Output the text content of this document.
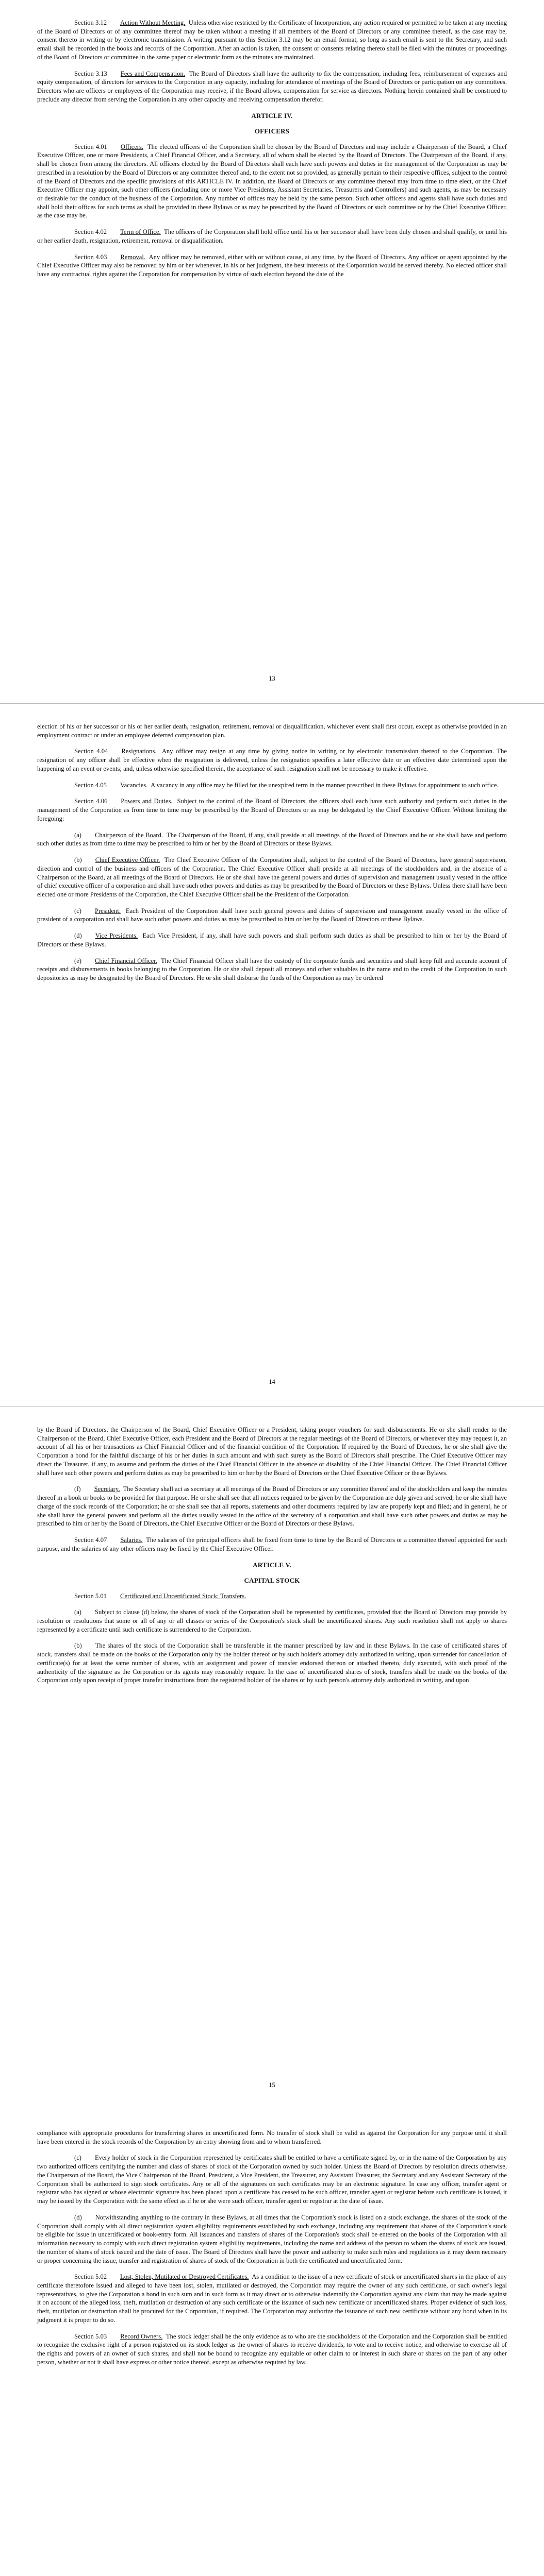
Section 3.12 Action Without Meeting. Unless otherwise restricted by the Certificate of Incorporation, any action required or permitted to be taken at any meeting of the Board of Directors or of any committee thereof may be taken without a meeting if all members of the Board of Directors or any committee thereof, as the case may be, consent thereto in writing or by electronic transmission. A writing pursuant to this Section 3.12 may be an email format, so long as such email is sent to the Secretary, and such email shall be recorded in the books and records of the Corporation. After an action is taken, the consent or consents relating thereto shall be filed with the minutes or proceedings of the Board of Directors or committee in the same paper or electronic form as the minutes are maintained.

Section 3.13 Fees and Compensation. The Board of Directors shall have the authority to fix the compensation, including fees, reimbursement of expenses and equity compensation, of directors for services to the Corporation in any capacity, including for attendance of meetings of the Board of Directors or participation on any committees. Directors who are officers or employees of the Corporation may receive, if the Board allows, compensation for service as directors. Nothing herein contained shall be construed to preclude any director from serving the Corporation in any other capacity and receiving compensation therefor.

ARTICLE IV.
OFFICERS

Section 4.01 Officers. The elected officers of the Corporation shall be chosen by the Board of Directors and may include a Chairperson of the Board, a Chief Executive Officer, one or more Presidents, a Chief Financial Officer, and a Secretary, all of whom shall be elected by the Board of Directors. The Chairperson of the Board, if any, shall be chosen from among the directors. All officers elected by the Board of Directors shall each have such powers and duties in the management of the Corporation as may be prescribed in a resolution by the Board of Directors or any committee thereof and, to the extent not so provided, as generally pertain to their respective offices, subject to the control of the Board of Directors and the specific provisions of this ARTICLE IV. In addition, the Board of Directors or any committee thereof may from time to time elect, or the Chief Executive Officer may appoint, such other officers (including one or more Vice Presidents, Assistant Secretaries, Treasurers and Controllers) and such agents, as may be necessary or desirable for the conduct of the business of the Corporation. Any number of offices may be held by the same person. Such other officers and agents shall have such duties and shall hold their offices for such terms as shall be provided in these Bylaws or as may be prescribed by the Board of Directors or such committee or by the Chief Executive Officer, as the case may be.

Section 4.02 Term of Office. The officers of the Corporation shall hold office until his or her successor shall have been duly chosen and shall qualify, or until his or her earlier death, resignation, retirement, removal or disqualification.

Section 4.03 Removal. Any officer may be removed, either with or without cause, at any time, by the Board of Directors. Any officer or agent appointed by the Chief Executive Officer may also be removed by him or her whenever, in his or her judgment, the best interests of the Corporation would be served thereby. No elected officer shall have any contractual rights against the Corporation for compensation by virtue of such election beyond the date of the

13

election of his or her successor or his or her earlier death, resignation, retirement, removal or disqualification, whichever event shall first occur, except as otherwise provided in an employment contract or under an employee deferred compensation plan.

Section 4.04 Resignations. Any officer may resign at any time by giving notice in writing or by electronic transmission thereof to the Corporation. The resignation of any officer shall be effective when the resignation is delivered, unless the resignation specifies a later effective date or an effective date determined upon the happening of an event or events; and, unless otherwise specified therein, the acceptance of such resignation shall not be necessary to make it effective.

Section 4.05 Vacancies. A vacancy in any office may be filled for the unexpired term in the manner prescribed in these Bylaws for appointment to such office.

Section 4.06 Powers and Duties. Subject to the control of the Board of Directors, the officers shall each have such authority and perform such duties in the management of the Corporation as from time to time may be prescribed by the Board of Directors or as may be delegated by the Chief Executive Officer. Without limiting the foregoing:

(a) Chairperson of the Board. The Chairperson of the Board, if any, shall preside at all meetings of the Board of Directors and he or she shall have and perform such other duties as from time to time may be prescribed to him or her by the Board of Directors or these Bylaws.

(b) Chief Executive Officer. The Chief Executive Officer of the Corporation shall, subject to the control of the Board of Directors, have general supervision, direction and control of the business and officers of the Corporation. The Chief Executive Officer shall preside at all meetings of the stockholders and, in the absence of a Chairperson of the Board, at all meetings of the Board of Directors. He or she shall have the general powers and duties of supervision and management usually vested in the office of chief executive officer of a corporation and shall have such other powers and duties as may be prescribed by the Board of Directors or these Bylaws. Unless there shall have been elected one or more Presidents of the Corporation, the Chief Executive Officer shall be the President of the Corporation.

(c) President. Each President of the Corporation shall have such general powers and duties of supervision and management usually vested in the office of president of a corporation and shall have such other powers and duties as may be prescribed to him or her by the Board of Directors or these Bylaws.

(d) Vice Presidents. Each Vice President, if any, shall have such powers and shall perform such duties as shall be prescribed to him or her by the Board of Directors or these Bylaws.

(e) Chief Financial Officer. The Chief Financial Officer shall have the custody of the corporate funds and securities and shall keep full and accurate account of receipts and disbursements in books belonging to the Corporation. He or she shall deposit all moneys and other valuables in the name and to the credit of the Corporation in such depositories as may be designated by the Board of Directors. He or she shall disburse the funds of the Corporation as may be ordered

14

by the Board of Directors, the Chairperson of the Board, Chief Executive Officer or a President, taking proper vouchers for such disbursements. He or she shall render to the Chairperson of the Board, Chief Executive Officer, each President and the Board of Directors at the regular meetings of the Board of Directors, or whenever they may request it, an account of all his or her transactions as Chief Financial Officer and of the financial condition of the Corporation. If required by the Board of Directors, he or she shall give the Corporation a bond for the faithful discharge of his or her duties in such amount and with such surety as the Board of Directors shall prescribe. The Chief Executive Officer may direct the Treasurer, if any, to assume and perform the duties of the Chief Financial Officer in the absence or disability of the Chief Financial Officer. The Chief Financial Officer shall have such other powers and perform duties as may be prescribed to him or her by the Board of Directors or the Chief Executive Officer or these Bylaws.

(f) Secretary. The Secretary shall act as secretary at all meetings of the Board of Directors or any committee thereof and of the stockholders and keep the minutes thereof in a book or books to be provided for that purpose. He or she shall see that all notices required to be given by the Corporation are duly given and served; he or she shall have charge of the stock records of the Corporation; he or she shall see that all reports, statements and other documents required by law are properly kept and filed; and in general, he or she shall have the general powers and perform all the duties usually vested in the office of the secretary of a corporation and shall have such other powers and duties as may be prescribed to him or her by the Board of Directors, the Chief Executive Officer or the Board of Directors or these Bylaws.

Section 4.07 Salaries. The salaries of the principal officers shall be fixed from time to time by the Board of Directors or a committee thereof appointed for such purpose, and the salaries of any other officers may be fixed by the Chief Executive Officer.

ARTICLE V.
CAPITAL STOCK

Section 5.01 Certificated and Uncertificated Stock; Transfers.

(a) Subject to clause (d) below, the shares of stock of the Corporation shall be represented by certificates, provided that the Board of Directors may provide by resolution or resolutions that some or all of any or all classes or series of the Corporation's stock shall be uncertificated shares. Any such resolution shall not apply to shares represented by a certificate until such certificate is surrendered to the Corporation.

(b) The shares of the stock of the Corporation shall be transferable in the manner prescribed by law and in these Bylaws. In the case of certificated shares of stock, transfers shall be made on the books of the Corporation only by the holder thereof or by such holder's attorney duly authorized in writing, upon surrender for cancellation of certificate(s) for at least the same number of shares, with an assignment and power of transfer endorsed thereon or attached thereto, duly executed, with such proof of the authenticity of the signature as the Corporation or its agents may reasonably require. In the case of uncertificated shares of stock, transfers shall be made on the books of the Corporation only upon receipt of proper transfer instructions from the registered holder of the shares or by such person's attorney duly authorized in writing, and upon

15

compliance with appropriate procedures for transferring shares in uncertificated form. No transfer of stock shall be valid as against the Corporation for any purpose until it shall have been entered in the stock records of the Corporation by an entry showing from and to whom transferred.

(c) Every holder of stock in the Corporation represented by certificates shall be entitled to have a certificate signed by, or in the name of the Corporation by any two authorized officers certifying the number and class of shares of stock of the Corporation owned by such holder. Unless the Board of Directors by resolution directs otherwise, the Chairperson of the Board, the Vice Chairperson of the Board, President, a Vice President, the Treasurer, any Assistant Treasurer, the Secretary and any Assistant Secretary of the Corporation shall be authorized to sign stock certificates. Any or all of the signatures on such certificates may be an electronic signature. In case any officer, transfer agent or registrar who has signed or whose electronic signature has been placed upon a certificate has ceased to be such officer, transfer agent or registrar before such certificate is issued, it may be issued by the Corporation with the same effect as if he or she were such officer, transfer agent or registrar at the date of issue.

(d) Notwithstanding anything to the contrary in these Bylaws, at all times that the Corporation's stock is listed on a stock exchange, the shares of the stock of the Corporation shall comply with all direct registration system eligibility requirements established by such exchange, including any requirement that shares of the Corporation's stock be eligible for issue in uncertificated or book-entry form. All issuances and transfers of shares of the Corporation's stock shall be entered on the books of the Corporation with all information necessary to comply with such direct registration system eligibility requirements, including the name and address of the person to whom the shares of stock are issued, the number of shares of stock issued and the date of issue. The Board of Directors shall have the power and authority to make such rules and regulations as it may deem necessary or proper concerning the issue, transfer and registration of shares of stock of the Corporation in both the certificated and uncertificated form.

Section 5.02 Lost, Stolen, Mutilated or Destroyed Certificates. As a condition to the issue of a new certificate of stock or uncertificated shares in the place of any certificate theretofore issued and alleged to have been lost, stolen, mutilated or destroyed, the Corporation may require the owner of any such certificate, or such owner's legal representatives, to give the Corporation a bond in such sum and in such form as it may direct or to otherwise indemnify the Corporation against any claim that may be made against it on account of the alleged loss, theft, mutilation or destruction of any such certificate or the issuance of such new certificate or uncertificated shares. Proper evidence of such loss, theft, mutilation or destruction shall be procured for the Corporation, if required. The Corporation may authorize the issuance of such new certificate without any bond when in its judgment it is proper to do so.

Section 5.03 Record Owners. The stock ledger shall be the only evidence as to who are the stockholders of the Corporation and the Corporation shall be entitled to recognize the exclusive right of a person registered on its stock ledger as the owner of shares to receive dividends, to vote and to receive notice, and otherwise to exercise all of the rights and powers of an owner of such shares, and shall not be bound to recognize any equitable or other claim to or interest in such share or shares on the part of any other person, whether or not it shall have express or other notice thereof, except as otherwise required by law.
